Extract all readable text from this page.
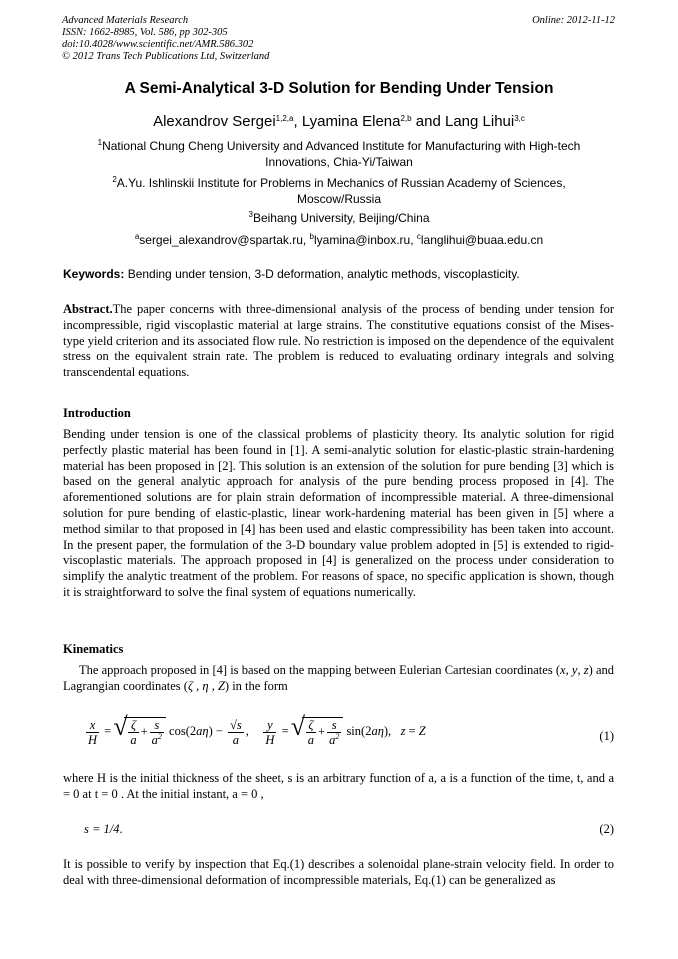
Advanced Materials Research
ISSN: 1662-8985, Vol. 586, pp 302-305
doi:10.4028/www.scientific.net/AMR.586.302
© 2012 Trans Tech Publications Ltd, Switzerland
Online: 2012-11-12
A Semi-Analytical 3-D Solution for Bending Under Tension
Alexandrov Sergei$^{1,2,a}$, Lyamina Elena$^{2,b}$ and Lang Lihui$^{3,c}$
$^1$National Chung Cheng University and Advanced Institute for Manufacturing with High-tech Innovations, Chia-Yi/Taiwan
$^2$A.Yu. Ishlinskii Institute for Problems in Mechanics of Russian Academy of Sciences, Moscow/Russia
$^3$Beihang University, Beijing/China
$^a$sergei_alexandrov@spartak.ru, $^b$lyamina@inbox.ru, $^c$langlihui@buaa.edu.cn
Keywords: Bending under tension, 3-D deformation, analytic methods, viscoplasticity.
Abstract.The paper concerns with three-dimensional analysis of the process of bending under tension for incompressible, rigid viscoplastic material at large strains. The constitutive equations consist of the Mises-type yield criterion and its associated flow rule. No restriction is imposed on the dependence of the equivalent stress on the equivalent strain rate. The problem is reduced to evaluating ordinary integrals and solving transcendental equations.
Introduction
Bending under tension is one of the classical problems of plasticity theory. Its analytic solution for rigid perfectly plastic material has been found in [1]. A semi-analytic solution for elastic-plastic strain-hardening material has been proposed in [2]. This solution is an extension of the solution for pure bending [3] which is based on the general analytic approach for analysis of the pure bending process proposed in [4]. The aforementioned solutions are for plain strain deformation of incompressible material. A three-dimensional solution for pure bending of elastic-plastic, linear work-hardening material has been given in [5] where a method similar to that proposed in [4] has been used and elastic compressibility has been taken into account. In the present paper, the formulation of the 3-D boundary value problem adopted in [5] is extended to rigid-viscoplastic materials. The approach proposed in [4] is generalized on the process under consideration to simplify the analytic treatment of the problem. For reasons of space, no specific application is shown, though it is straightforward to solve the final system of equations numerically.
Kinematics
The approach proposed in [4] is based on the mapping between Eulerian Cartesian coordinates (x, y, z) and Lagrangian coordinates (ζ , η , Z) in the form
$\frac{x}{H}$ = √ $\frac{\zeta}{a} + \frac{s}{a^2} \cos(2a\eta) - \frac{√s}{a}$ , $\frac{y}{H}$ = √ $\frac{\zeta}{a} + \frac{s}{a^2} \sin(2a\eta)$,   z = Z	(1)
where H is the initial thickness of the sheet, s is an arbitrary function of a, a is a function of the time, t, and a = 0 at t = 0 . At the initial instant, a = 0 ,
s = 1/4.	(2)
It is possible to verify by inspection that Eq.(1) describes a solenoidal plane-strain velocity field. In order to deal with three-dimensional deformation of incompressible materials, Eq.(1) can be generalized as
